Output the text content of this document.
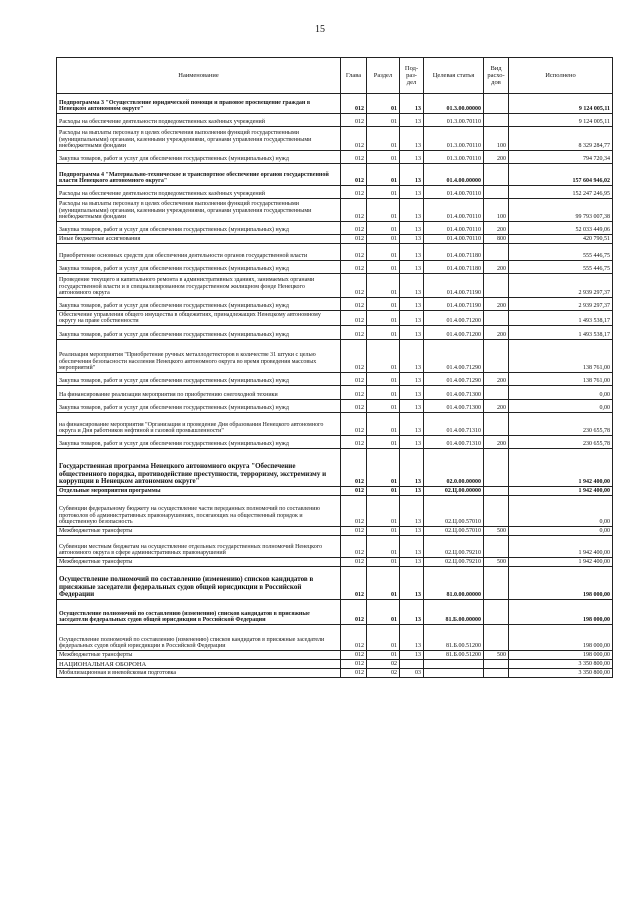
15
Наименование	Глава	Раздел	Под-раз-дел	Целевая статья	Вид расхо-дов	Исполнено
Подпрограмма 3 "Осуществление юридической помощи и правовое просвещение граждан в Ненецком автономном округе"	012	01	13	01.3.00.00000		9 124 005,11
Расходы на обеспечение деятельности подведомственных казённых учреждений	012	01	13	01.3.00.70110		9 124 005,11
Расходы на выплаты персоналу в целях обеспечения выполнения функций государственными (муниципальными) органами, казенными учреждениями, органами управления государственными внебюджетными фондами	012	01	13	01.3.00.70110	100	8 329 284,77
Закупка товаров, работ и услуг для обеспечения государственных (муниципальных) нужд	012	01	13	01.3.00.70110	200	794 720,34
Подпрограмма 4 "Материально-техническое и транспортное обеспечение органов государственной власти Ненецкого автономного округа"	012	01	13	01.4.00.00000		157 604 946,02
Расходы на обеспечение деятельности подведомственных казённых учреждений	012	01	13	01.4.00.70110		152 247 246,95
Расходы на выплаты персоналу в целях обеспечения выполнения функций государственными (муниципальными) органами, казенными учреждениями, органами управления государственными внебюджетными фондами	012	01	13	01.4.00.70110	100	99 793 007,38
Закупка товаров, работ и услуг для обеспечения государственных (муниципальных) нужд	012	01	13	01.4.00.70110	200	52 033 449,06
Иные бюджетные ассигнования	012	01	13	01.4.00.70110	800	420 790,51
Приобретение основных средств для обеспечения деятельности органов государственной власти	012	01	13	01.4.00.71180		555 446,75
Закупка товаров, работ и услуг для обеспечения государственных (муниципальных) нужд	012	01	13	01.4.00.71180	200	555 446,75
Проведение текущего и капитального ремонта в административных зданиях, занимаемых органами государственной власти и в специализированном государственном жилищном фонде Ненецкого автономного округа	012	01	13	01.4.00.71190		2 939 297,37
Закупка товаров, работ и услуг для обеспечения государственных (муниципальных) нужд	012	01	13	01.4.00.71190	200	2 939 297,37
Обеспечение управления общего имущества в общежитиях, принадлежащих Ненецкому автономному округу на праве собственности	012	01	13	01.4.00.71200		1 493 538,17
Закупка товаров, работ и услуг для обеспечения государственных (муниципальных) нужд	012	01	13	01.4.00.71200	200	1 493 538,17
Реализация мероприятия "Приобретение ручных металлодетекторов в количестве 31 штуки с целью обеспечения безопасности населения Ненецкого автономного округа во время проведения массовых мероприятий"	012	01	13	01.4.00.71290		138 761,00
Закупка товаров, работ и услуг для обеспечения государственных (муниципальных) нужд	012	01	13	01.4.00.71290	200	138 761,00
На финансирование реализации мероприятия по приобретению снегоходной техники	012	01	13	01.4.00.71300		0,00
Закупка товаров, работ и услуг для обеспечения государственных (муниципальных) нужд	012	01	13	01.4.00.71300	200	0,00
на финансирование мероприятия "Организация и проведение Дня образования Ненецкого автономного округа и Дня работников нефтяной и газовой промышленности"	012	01	13	01.4.00.71310		230 655,78
Закупка товаров, работ и услуг для обеспечения государственных (муниципальных) нужд	012	01	13	01.4.00.71310	200	230 655,78
Государственная программа Ненецкого автономного округа "Обеспечение общественного порядка, противодействие преступности, терроризму, экстремизму и коррупции в Ненецком автономном округе"	012	01	13	02.0.00.00000		1 942 400,00
Отдельные мероприятия программы	012	01	13	02.Ц.00.00000		1 942 400,00
Субвенции федеральному бюджету на осуществление части переданных полномочий по составлению протоколов об административных правонарушениях, посягающих на общественный порядок и общественную безопасность	012	01	13	02.Ц.00.57010		0,00
Межбюджетные трансферты	012	01	13	02.Ц.00.57010	500	0,00
Субвенции местным бюджетам на осуществление отдельных государственных полномочий Ненецкого автономного округа в сфере административных правонарушений	012	01	13	02.Ц.00.79210		1 942 400,00
Межбюджетные трансферты	012	01	13	02.Ц.00.79210	500	1 942 400,00
Осуществление полномочий по составлению (изменению) списков кандидатов в присяжные заседатели федеральных судов общей юрисдикции в Российской Федерации	012	01	13	81.0.00.00000		198 000,00
Осуществление полномочий по составлению (изменению) списков кандидатов в присяжные заседатели федеральных судов общей юрисдикции в Российской Федерации	012	01	13	81.Б.00.00000		198 000,00
Осуществление полномочий по составлению (изменению) списков кандидатов в присяжные заседатели федеральных судов общей юрисдикции в Российской Федерации	012	01	13	81.Б.00.51200		198 000,00
Межбюджетные трансферты	012	01	13	81.Б.00.51200	500	198 000,00
НАЦИОНАЛЬНАЯ ОБОРОНА	012	02				3 350 800,00
Мобилизационная и вневойсковая подготовка	012	02	03			3 350 800,00
